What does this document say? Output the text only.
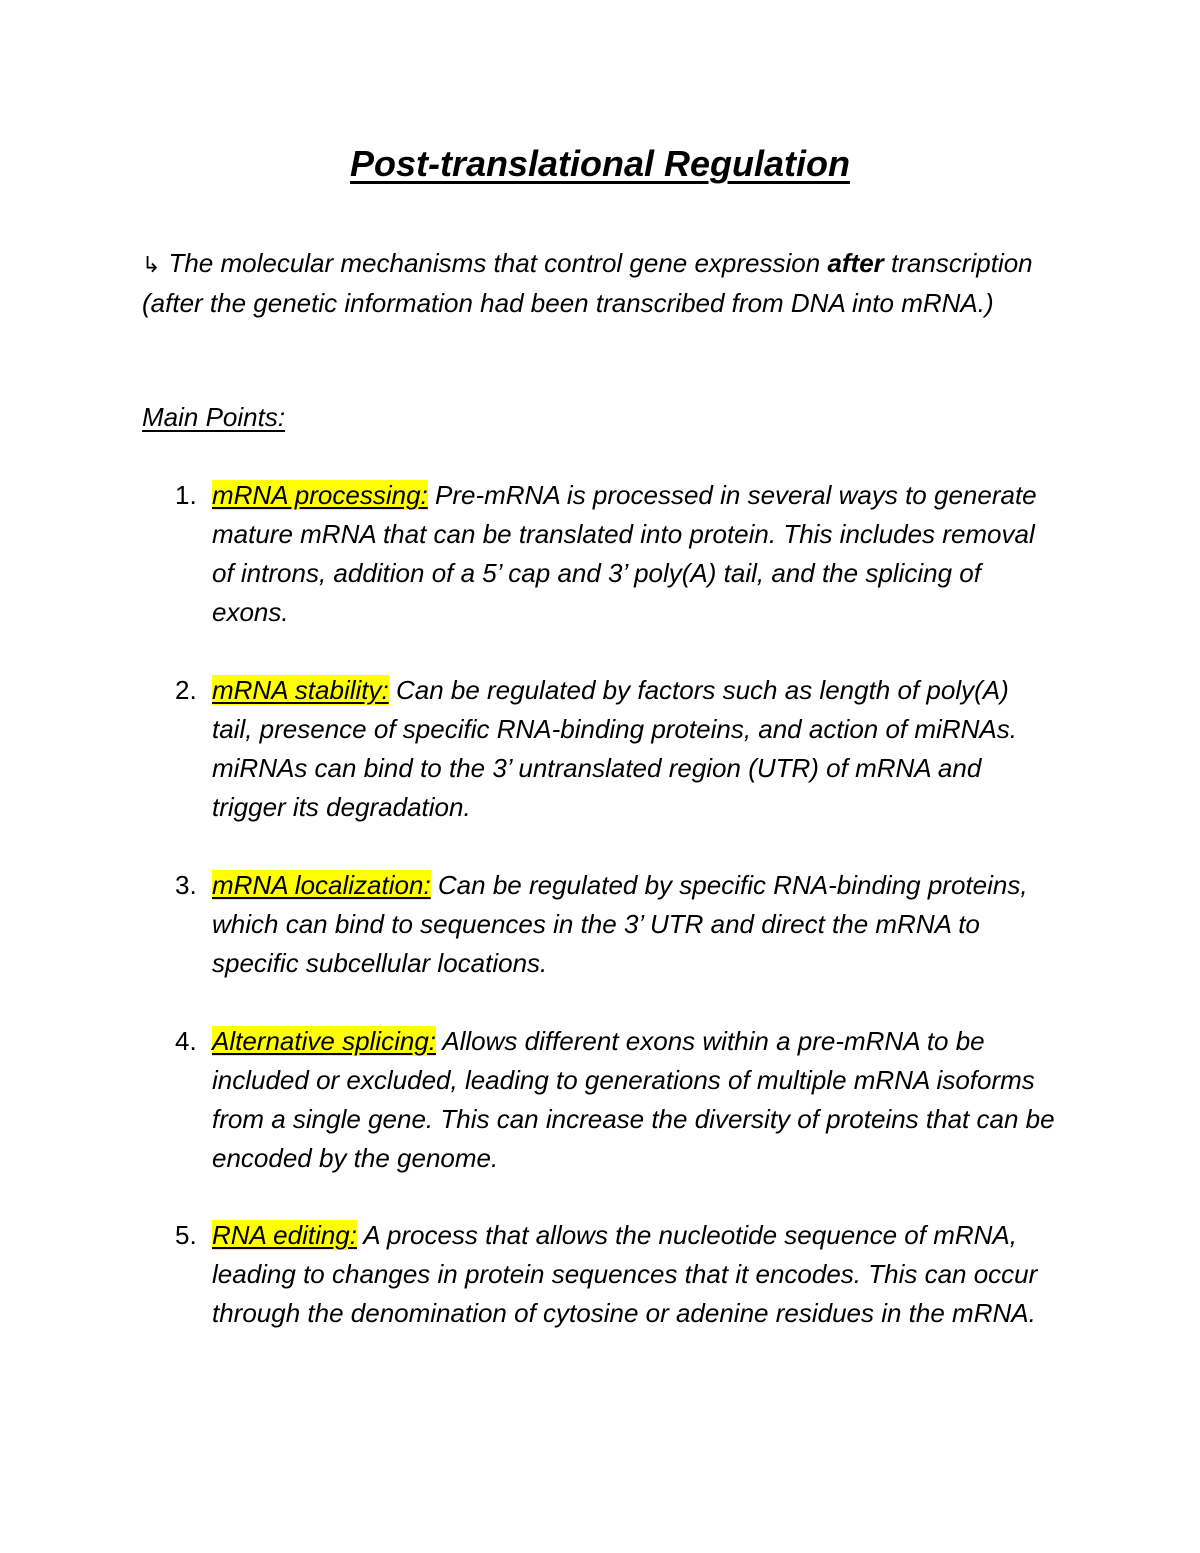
Post-translational Regulation
↳ The molecular mechanisms that control gene expression after transcription (after the genetic information had been transcribed from DNA into mRNA.)
Main Points:
1. mRNA processing: Pre-mRNA is processed in several ways to generate mature mRNA that can be translated into protein. This includes removal of introns, addition of a 5’ cap and 3’ poly(A) tail, and the splicing of exons.
2. mRNA stability: Can be regulated by factors such as length of poly(A) tail, presence of specific RNA-binding proteins, and action of miRNAs. miRNAs can bind to the 3’ untranslated region (UTR) of mRNA and trigger its degradation.
3. mRNA localization: Can be regulated by specific RNA-binding proteins, which can bind to sequences in the 3’ UTR and direct the mRNA to specific subcellular locations.
4. Alternative splicing: Allows different exons within a pre-mRNA to be included or excluded, leading to generations of multiple mRNA isoforms from a single gene. This can increase the diversity of proteins that can be encoded by the genome.
5. RNA editing: A process that allows the nucleotide sequence of mRNA, leading to changes in protein sequences that it encodes. This can occur through the denomination of cytosine or adenine residues in the mRNA.
